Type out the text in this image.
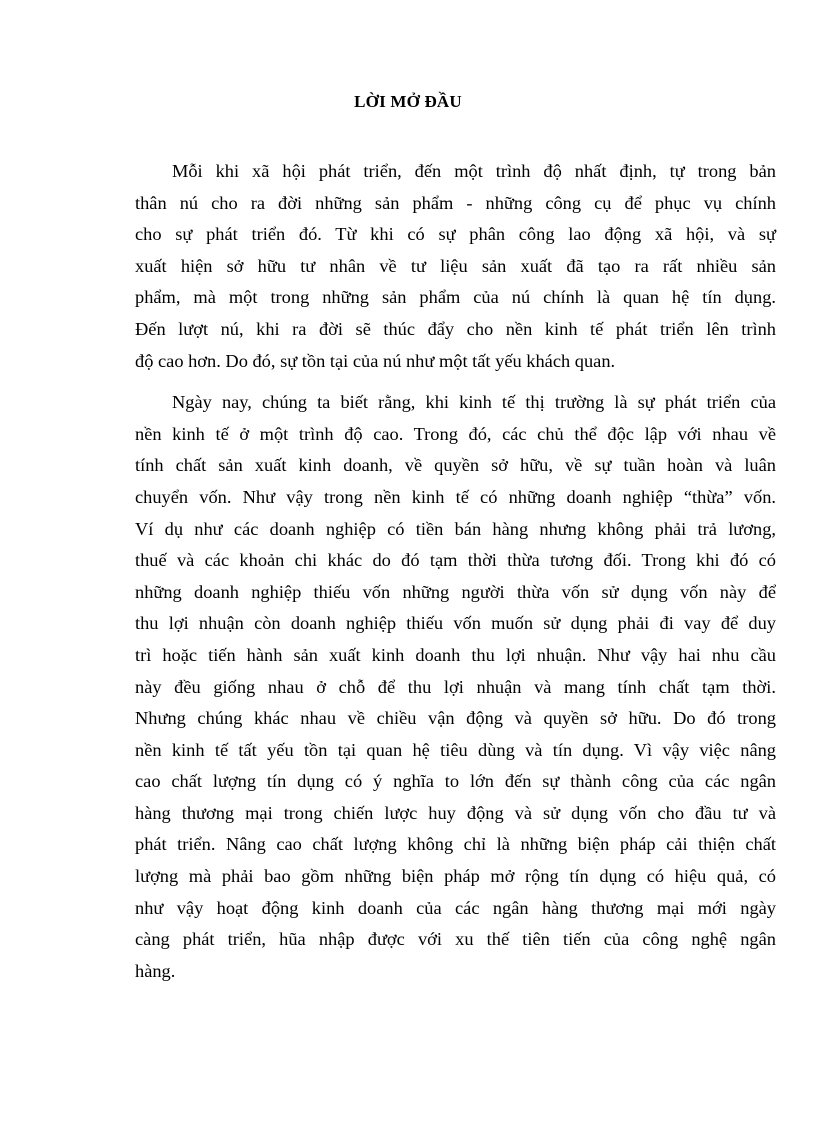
LỜI MỞ ĐẦU
Mỗi khi xã hội phát triển, đến một trình độ nhất định, tự trong bản
thân nú cho ra đời những sản phẩm - những công cụ để phục vụ chính
cho sự phát triển đó. Từ khi có sự phân công lao động xã hội, và sự
xuất hiện sở hữu tư nhân về tư liệu sản xuất đã tạo ra rất nhiều sản
phẩm, mà một trong những sản phẩm của nú chính là quan hệ tín dụng.
Đến lượt nú, khi ra đời sẽ thúc đẩy cho nền kinh tế phát triển lên trình
độ cao hơn. Do đó, sự tồn tại của nú như một tất yếu khách quan.
Ngày nay, chúng ta biết rằng, khi kinh tế thị trường là sự phát triển của
nền kinh tế ở một trình độ cao. Trong đó, các chủ thể độc lập với nhau về
tính chất sản xuất kinh doanh, về quyền sở hữu, về sự tuần hoàn và luân
chuyển vốn. Như vậy trong nền kinh tế có những doanh nghiệp “thừa” vốn.
Ví dụ như các doanh nghiệp có tiền bán hàng nhưng không phải trả lương,
thuế và các khoản chi khác do đó tạm thời thừa tương đối. Trong khi đó có
những doanh nghiệp thiếu vốn những người thừa vốn sử dụng vốn này để
thu lợi nhuận còn doanh nghiệp thiếu vốn muốn sử dụng phải đi vay để duy
trì hoặc tiến hành sản xuất kinh doanh thu lợi nhuận. Như vậy hai nhu cầu
này đều giống nhau ở chỗ để thu lợi nhuận và mang tính chất tạm thời.
Nhưng chúng khác nhau về chiều vận động và quyền sở hữu. Do đó trong
nền kinh tế tất yếu tồn tại quan hệ tiêu dùng và tín dụng. Vì vậy việc nâng
cao chất lượng tín dụng có ý nghĩa to lớn đến sự thành công của các ngân
hàng thương mại trong chiến lược huy động và sử dụng vốn cho đầu tư và
phát triển. Nâng cao chất lượng không chỉ là những biện pháp cải thiện chất
lượng mà phải bao gồm những biện pháp mở rộng tín dụng có hiệu quả, có
như vậy hoạt động kinh doanh của các ngân hàng thương mại mới ngày
càng phát triển, hũa nhập được với xu thế tiên tiến của công nghệ ngân
hàng.
